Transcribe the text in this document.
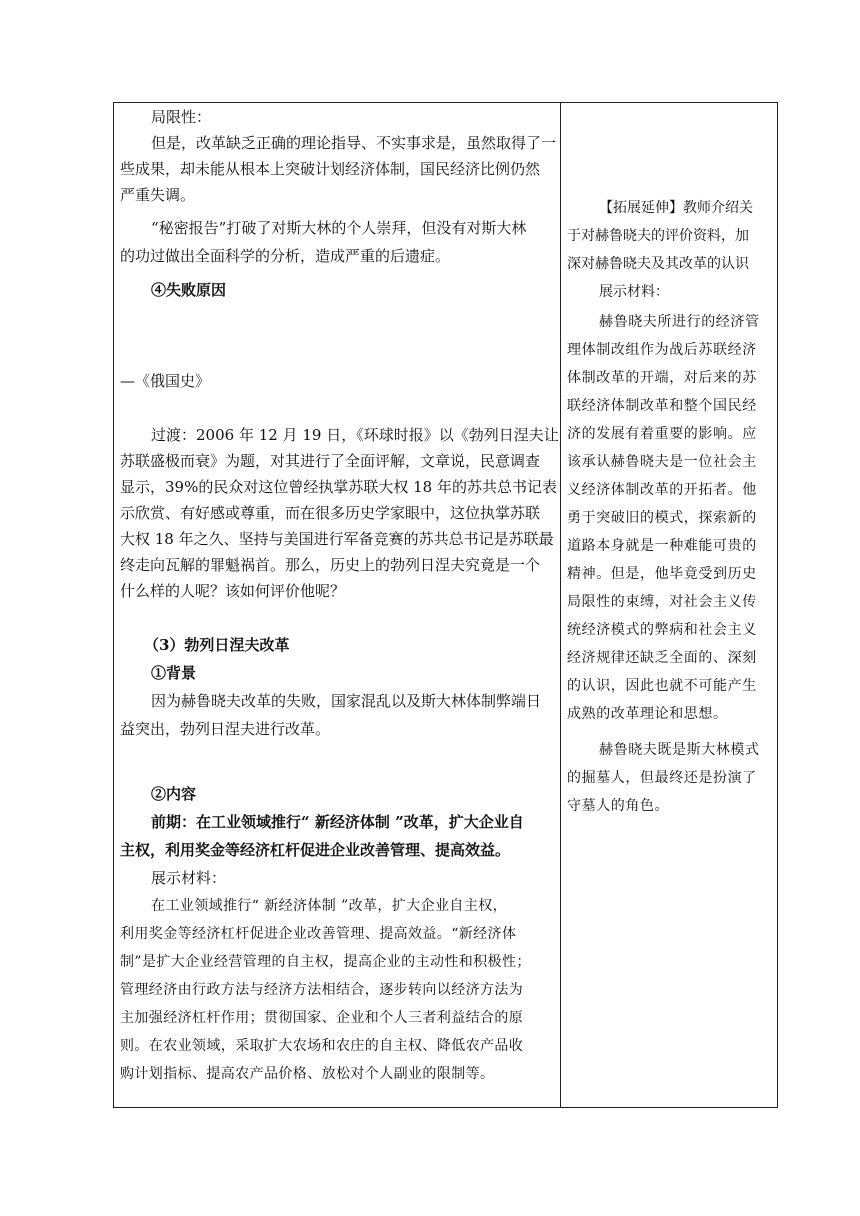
局限性：
但是，改革缺乏正确的理论指导、不实事求是，虽然取得了一
些成果，却未能从根本上突破计划经济体制，国民经济比例仍然
严重失调。
“秘密报告”打破了对斯大林的个人崇拜，但没有对斯大林
的功过做出全面科学的分析，造成严重的后遗症。
④失败原因
—《俄国史》
过渡：2006 年 12 月 19 日，《环球时报》以《勃列日涅夫让
苏联盛极而衰》为题，对其进行了全面评解，文章说，民意调查
显示，39%的民众对这位曾经执掌苏联大权 18 年的苏共总书记表
示欣赏、有好感或尊重，而在很多历史学家眼中，这位执掌苏联
大权 18 年之久、坚持与美国进行军备竞赛的苏共总书记是苏联最
终走向瓦解的罪魁祸首。那么，历史上的勃列日涅夫究竟是一个
什么样的人呢？该如何评价他呢？
（3）勃列日涅夫改革
①背景
因为赫鲁晓夫改革的失败，国家混乱以及斯大林体制弊端日
益突出，勃列日涅夫进行改革。
②内容
前期：在工业领域推行“ 新经济体制 ”改革，扩大企业自
主权，利用奖金等经济杠杆促进企业改善管理、提高效益。
展示材料：
在工业领域推行“ 新经济体制 ”改革，扩大企业自主权，
利用奖金等经济杠杆促进企业改善管理、提高效益。“新经济体
制”是扩大企业经营管理的自主权，提高企业的主动性和积极性；
管理经济由行政方法与经济方法相结合，逐步转向以经济方法为
主加强经济杠杆作用；贯彻国家、企业和个人三者利益结合的原
则。在农业领域，采取扩大农场和农庄的自主权、降低农产品收
购计划指标、提高农产品价格、放松对个人副业的限制等。
【拓展延伸】教师介绍关
于对赫鲁晓夫的评价资料，加
深对赫鲁晓夫及其改革的认识
展示材料：
赫鲁晓夫所进行的经济管
理体制改组作为战后苏联经济
体制改革的开端，对后来的苏
联经济体制改革和整个国民经
济的发展有着重要的影响。应
该承认赫鲁晓夫是一位社会主
义经济体制改革的开拓者。他
勇于突破旧的模式，探索新的
道路本身就是一种难能可贵的
精神。但是，他毕竟受到历史
局限性的束缚，对社会主义传
统经济模式的弊病和社会主义
经济规律还缺乏全面的、深刻
的认识，因此也就不可能产生
成熟的改革理论和思想。
赫鲁晓夫既是斯大林模式
的掘墓人，但最终还是扮演了
守墓人的角色。
